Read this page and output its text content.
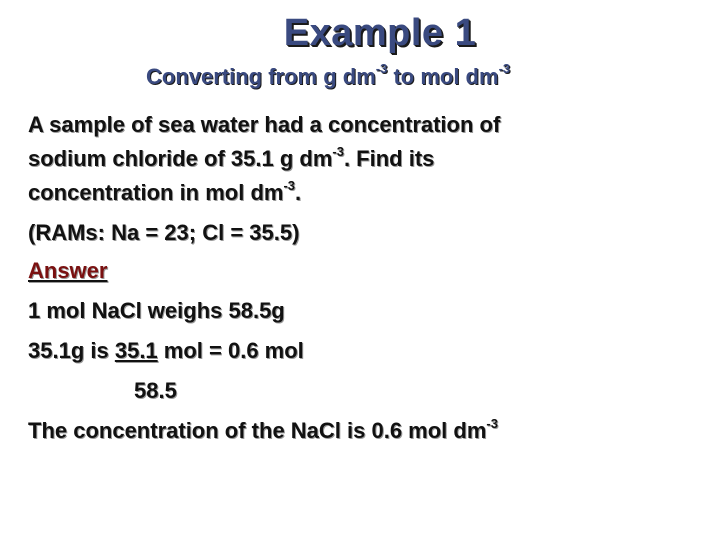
Example 1
Converting from g $dm^{-3}$ to mol $dm^{-3}$
A sample of sea water had a concentration of
sodium chloride of 35.1 g $dm^{-3}$. Find its
concentration in mol $dm^{-3}$.
(RAMs: Na = 23; Cl = 35.5)
Answer
1 mol NaCl weighs 58.5g
35.1g is 35.1 mol = 0.6 mol
58.5
The concentration of the NaCl is 0.6 mol $dm^{-3}$
